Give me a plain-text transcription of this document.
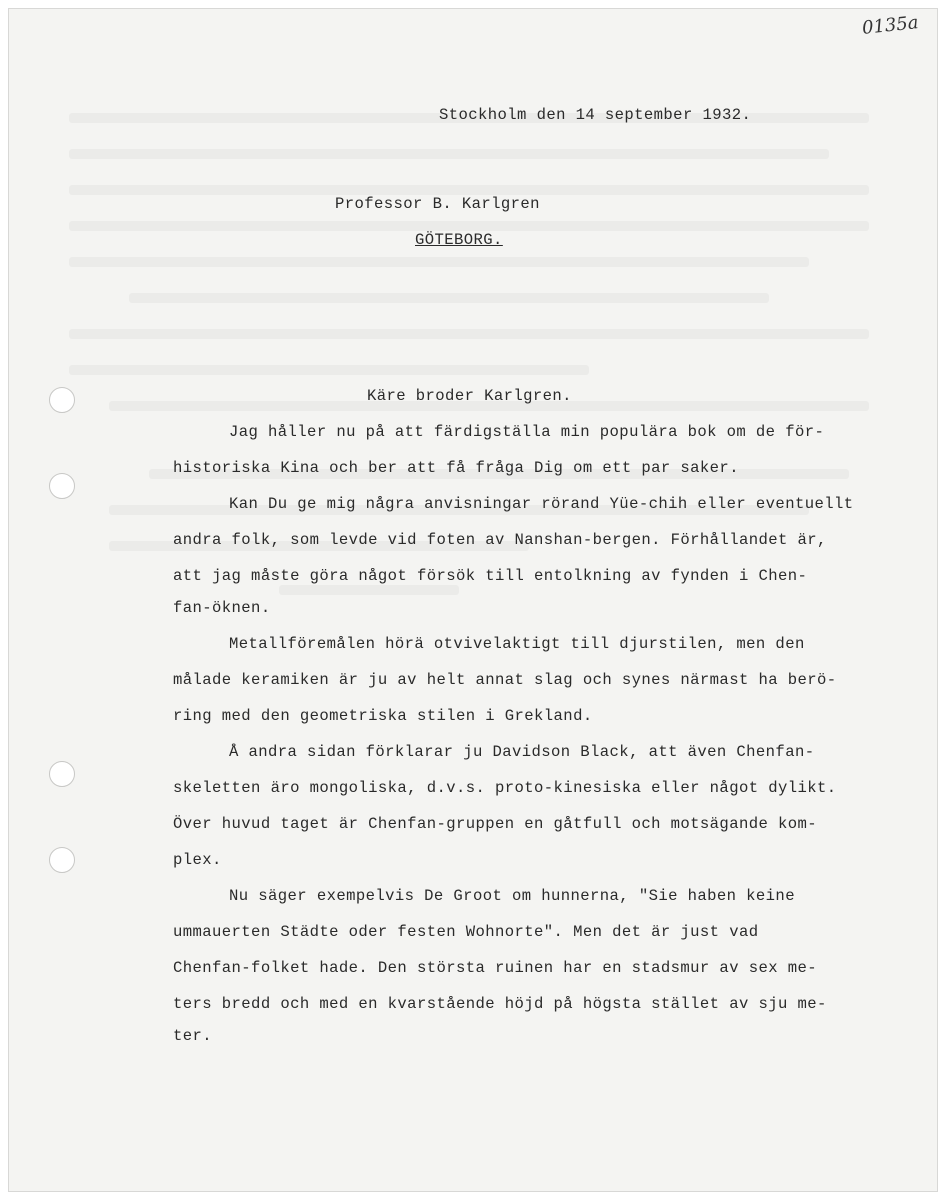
0135a
Stockholm den 14 september 1932.
Professor B. Karlgren
GÖTEBORG.
Käre broder Karlgren.
Jag håller nu på att färdigställa min populära bok om de för-
historiska Kina och ber att få fråga Dig om ett par saker.
Kan Du ge mig några anvisningar rörand Yüe-chih eller eventuellt
andra folk, som levde vid foten av Nanshan-bergen. Förhållandet är,
att jag måste göra något försök till entolkning av fynden i Chen-
fan-öknen.
Metallföremålen hörä otvivelaktigt till djurstilen, men den
målade keramiken är ju av helt annat slag och synes närmast ha berö-
ring med den geometriska stilen i Grekland.
Å andra sidan förklarar ju Davidson Black, att även Chenfan-
skeletten äro mongoliska, d.v.s. proto-kinesiska eller något dylikt.
Över huvud taget är Chenfan-gruppen en gåtfull och motsägande kom-
plex.
Nu säger exempelvis De Groot om hunnerna, "Sie haben keine
ummauerten Städte oder festen Wohnorte". Men det är just vad
Chenfan-folket hade. Den största ruinen har en stadsmur av sex me-
ters bredd och med en kvarstående höjd på högsta stället av sju me-
ter.
